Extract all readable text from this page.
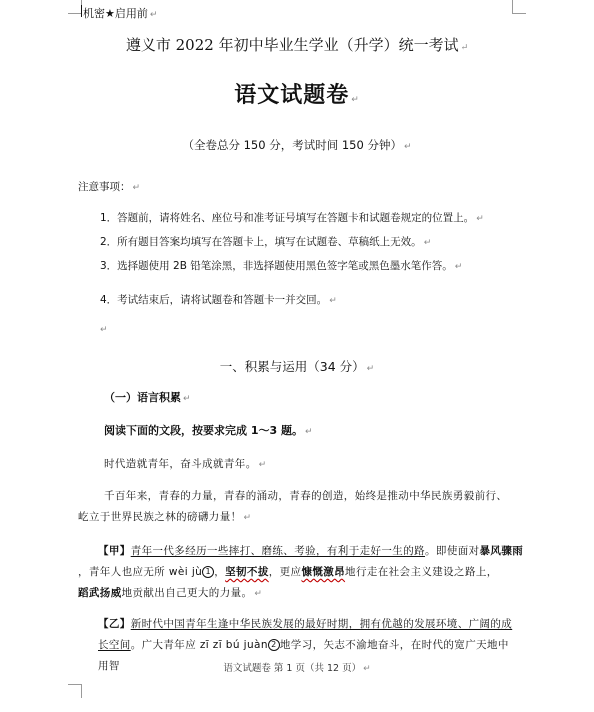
机密★启用前 ↵
遵义市 2022 年初中毕业生学业（升学）统一考试 ↵
语文试题卷 ↵
（全卷总分 150 分，考试时间 150 分钟） ↵
注意事项： ↵
1．答题前，请将姓名、座位号和准考证号填写在答题卡和试题卷规定的位置上。 ↵
2．所有题目答案均填写在答题卡上，填写在试题卷、草稿纸上无效。 ↵
3．选择题使用 2B 铅笔涂黑，非选择题使用黑色签字笔或黑色墨水笔作答。 ↵
4．考试结束后，请将试题卷和答题卡一并交回。 ↵
↵
一、积累与运用（34 分） ↵
（一）语言积累 ↵
阅读下面的文段，按要求完成 1～3 题。 ↵
时代造就青年，奋斗成就青年。 ↵
千百年来，青春的力量，青春的涌动，青春的创造，始终是推动中华民族勇毅前行、
屹立于世界民族之林的磅礴力量！ ↵
【甲】青年一代多经历一些摔打、磨练、考验，有利于走好一生的路。即使面对暴风骤雨
，青年人也应无所 wèi jù 1 ，坚韧不拔，更应慷慨激昂地行走在社会主义建设之路上，
蹈武扬威地贡献出自己更大的力量。 ↵
【乙】新时代中国青年生逢中华民族发展的最好时期，拥有优越的发展环境、广阔的成长空间。广大青年应 zī zī bú juàn 2 地学习，矢志不渝地奋斗，在时代的宽广天地中用智	语文试题卷 第 1 页（共 12 页） ↵
